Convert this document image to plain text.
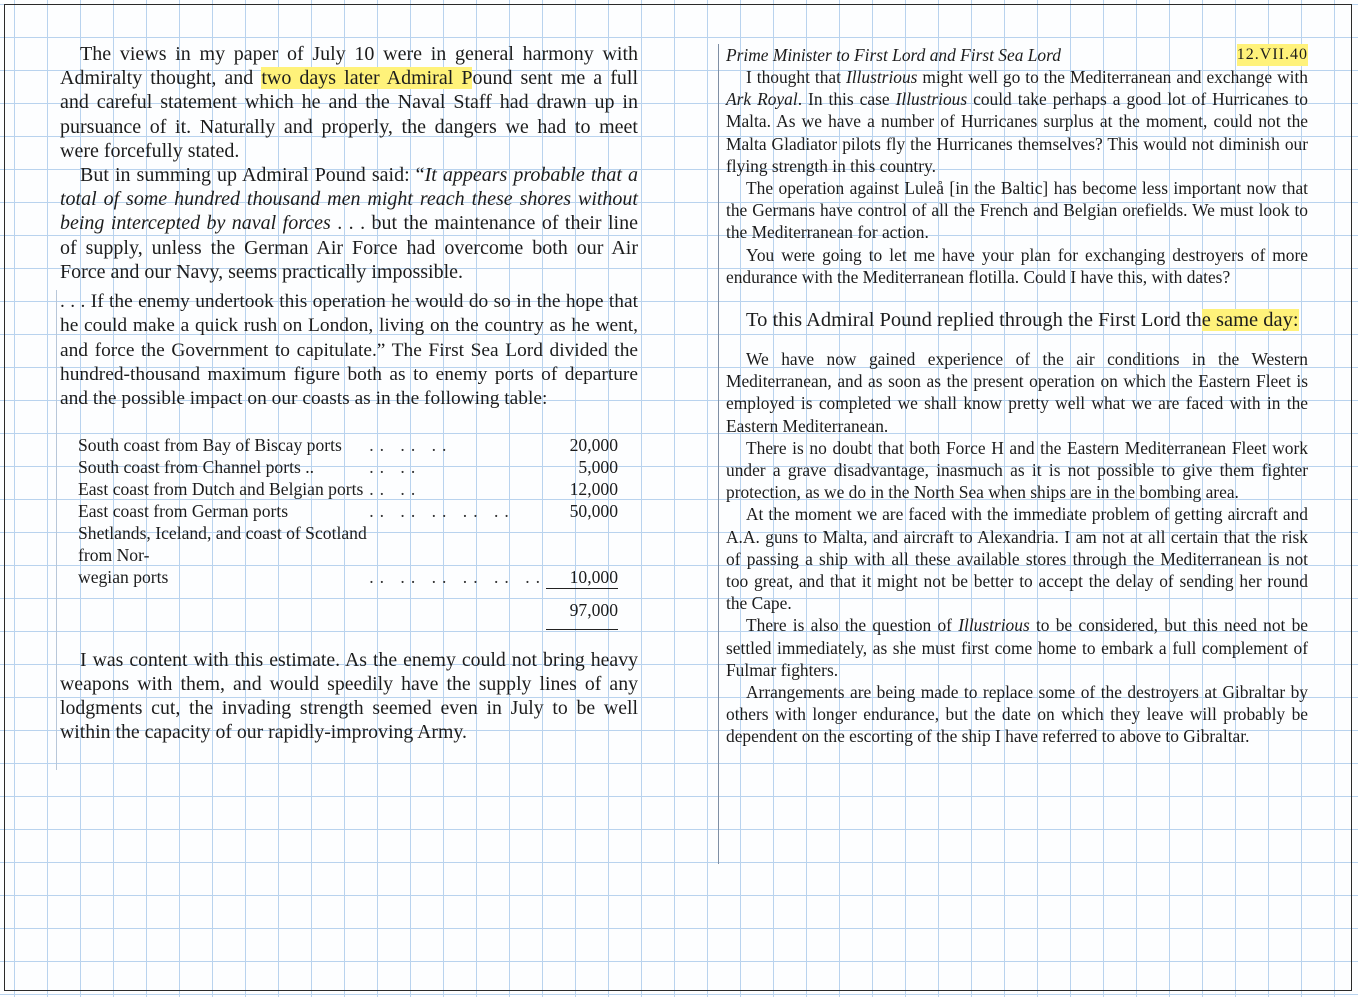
The views in my paper of July 10 were in general harmony with Admiralty thought, and two days later Admiral Pound sent me a full and careful statement which he and the Naval Staff had drawn up in pursuance of it. Naturally and properly, the dangers we had to meet were forcefully stated.

But in summing up Admiral Pound said: “It appears probable that a total of some hundred thousand men might reach these shores without being intercepted by naval forces . . . but the maintenance of their line of supply, unless the German Air Force had overcome both our Air Force and our Navy, seems practically impossible.

. . . If the enemy undertook this operation he would do so in the hope that he could make a quick rush on London, living on the country as he went, and force the Government to capitulate.” The First Sea Lord divided the hundred-thousand maximum figure both as to enemy ports of departure and the possible impact on our coasts as in the following table:

South coast from Bay of Biscay ports	.. .. ..	20,000
South coast from Channel ports ..	.. ..	5,000
East coast from Dutch and Belgian ports	.. ..	12,000
East coast from German ports	.. .. .. .. ..	50,000
Shetlands, Iceland, and coast of Scotland from Nor-		
wegian ports	.. .. .. .. .. ..	10,000
		97,000

I was content with this estimate. As the enemy could not bring heavy weapons with them, and would speedily have the supply lines of any lodgments cut, the invading strength seemed even in July to be well within the capacity of our rapidly-improving Army.

Prime Minister to First Lord and First Sea Lord	12.VII.40

I thought that Illustrious might well go to the Mediterranean and exchange with Ark Royal. In this case Illustrious could take perhaps a good lot of Hurricanes to Malta. As we have a number of Hurricanes surplus at the moment, could not the Malta Gladiator pilots fly the Hurricanes themselves? This would not diminish our flying strength in this country.

The operation against Luleå [in the Baltic] has become less important now that the Germans have control of all the French and Belgian orefields. We must look to the Mediterranean for action.

You were going to let me have your plan for exchanging destroyers of more endurance with the Mediterranean flotilla. Could I have this, with dates?

To this Admiral Pound replied through the First Lord the same day:

We have now gained experience of the air conditions in the Western Mediterranean, and as soon as the present operation on which the Eastern Fleet is employed is completed we shall know pretty well what we are faced with in the Eastern Mediterranean.

There is no doubt that both Force H and the Eastern Mediterranean Fleet work under a grave disadvantage, inasmuch as it is not possible to give them fighter protection, as we do in the North Sea when ships are in the bombing area.

At the moment we are faced with the immediate problem of getting aircraft and A.A. guns to Malta, and aircraft to Alexandria. I am not at all certain that the risk of passing a ship with all these available stores through the Mediterranean is not too great, and that it might not be better to accept the delay of sending her round the Cape.

There is also the question of Illustrious to be considered, but this need not be settled immediately, as she must first come home to embark a full complement of Fulmar fighters.

Arrangements are being made to replace some of the destroyers at Gibraltar by others with longer endurance, but the date on which they leave will probably be dependent on the escorting of the ship I have referred to above to Gibraltar.
